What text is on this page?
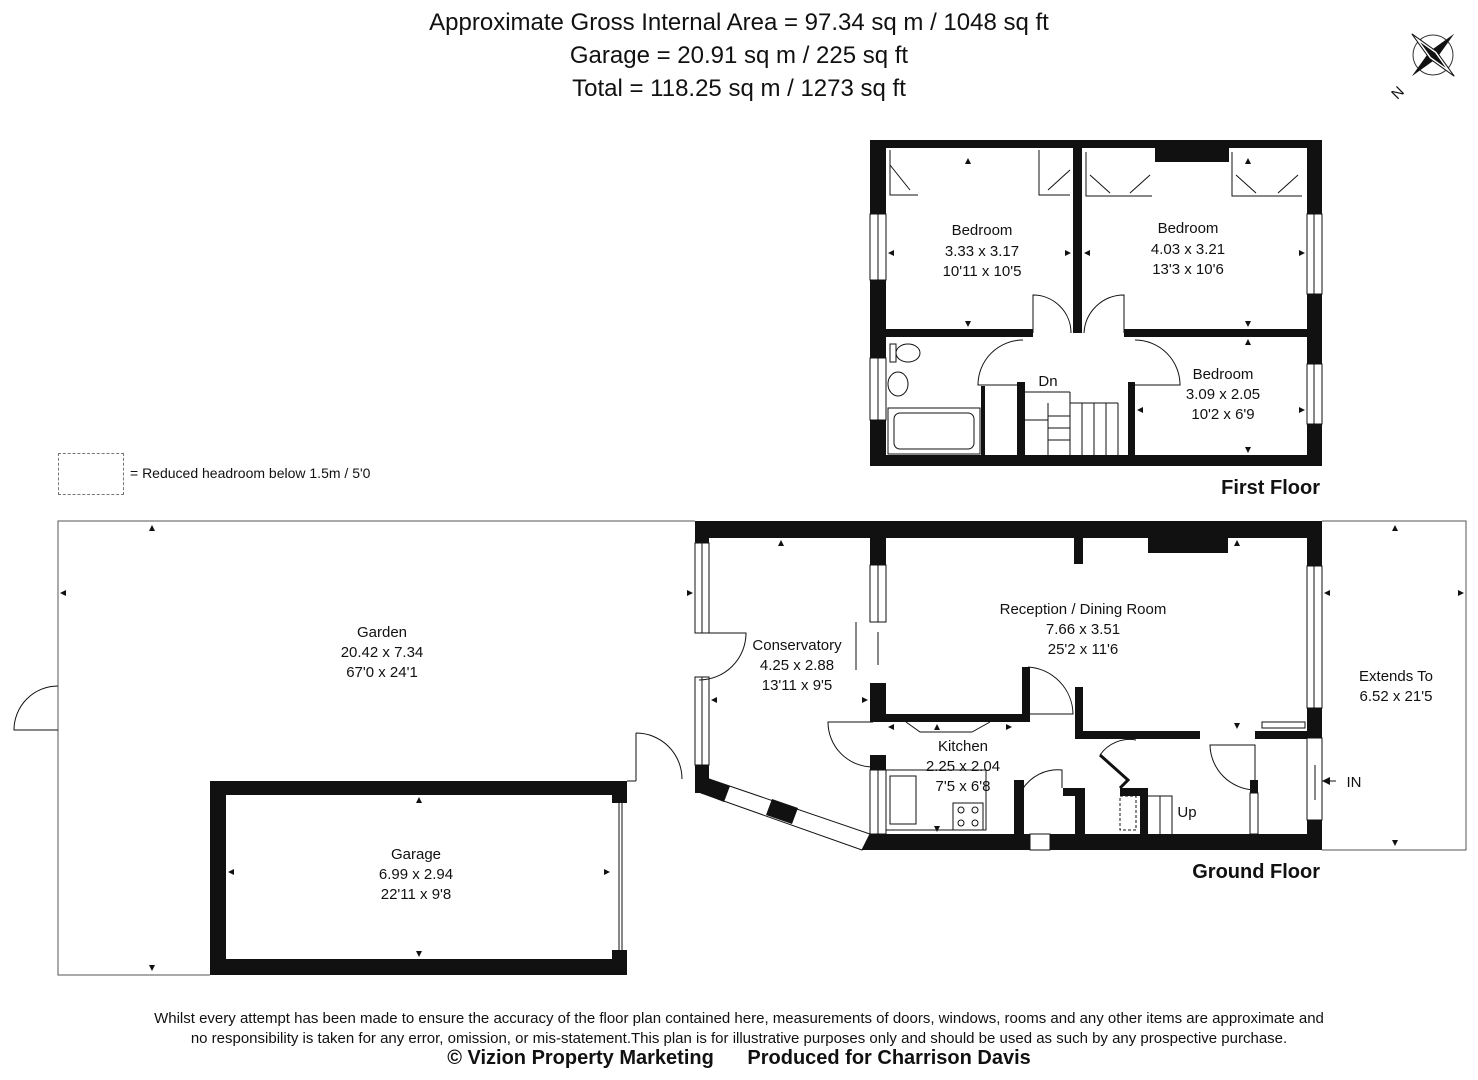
Approximate Gross Internal Area = 97.34 sq m / 1048 sq ft
Garage = 20.91 sq m / 225 sq ft
Total = 118.25 sq m / 1273 sq ft
= Reduced headroom below 1.5m / 5'0
N
Bedroom
3.33 x 3.17
10'11 x 10'5
Bedroom
4.03 x 3.21
13'3 x 10'6
Bedroom
3.09 x 2.05
10'2 x 6'9
Dn
First Floor
Garden
20.42 x 7.34
67'0 x 24'1
Garage
6.99 x 2.94
22'11 x 9'8
Conservatory
4.25 x 2.88
13'11 x 9'5
Reception / Dining Room
7.66 x 3.51
25'2 x 11'6
Kitchen
2.25 x 2.04
7'5 x 6'8
Extends To
6.52 x 21'5
IN
Up
Ground Floor
Whilst every attempt has been made to ensure the accuracy of the floor plan contained here, measurements of doors, windows, rooms and any other items are approximate and
no responsibility is taken for any error, omission, or mis-statement.This plan is for illustrative purposes only and should be used as such by any prospective purchase.
© Vizion Property Marketing Produced for Charrison Davis
